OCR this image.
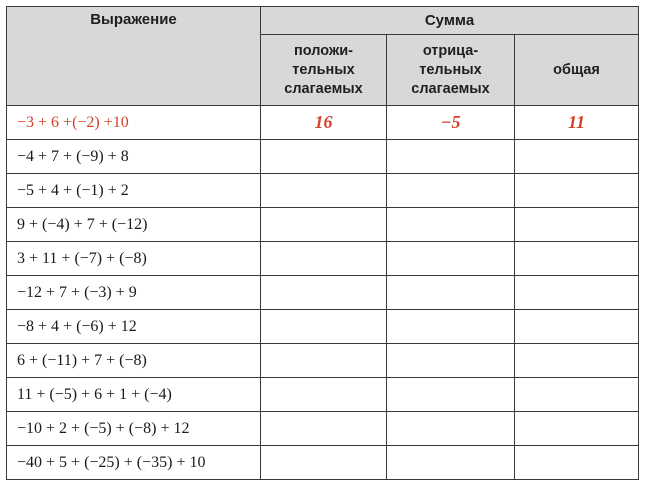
Выражение	Сумма		

	положи-
тельных
слагаемых	отрица-
тельных
слагаемых	общая
−3 + 6 +(−2) +10	16	−5	11
−4 + 7 + (−9) + 8			
−5 + 4 + (−1) + 2			
9 + (−4) + 7 + (−12)			
3 + 11 + (−7) + (−8)			
−12 + 7 + (−3) + 9			
−8 + 4 + (−6) + 12			
6 + (−11) + 7 + (−8)			
11 + (−5) + 6 + 1 + (−4)			
−10 + 2 + (−5) + (−8) + 12			
−40 + 5 + (−25) + (−35) + 10			
